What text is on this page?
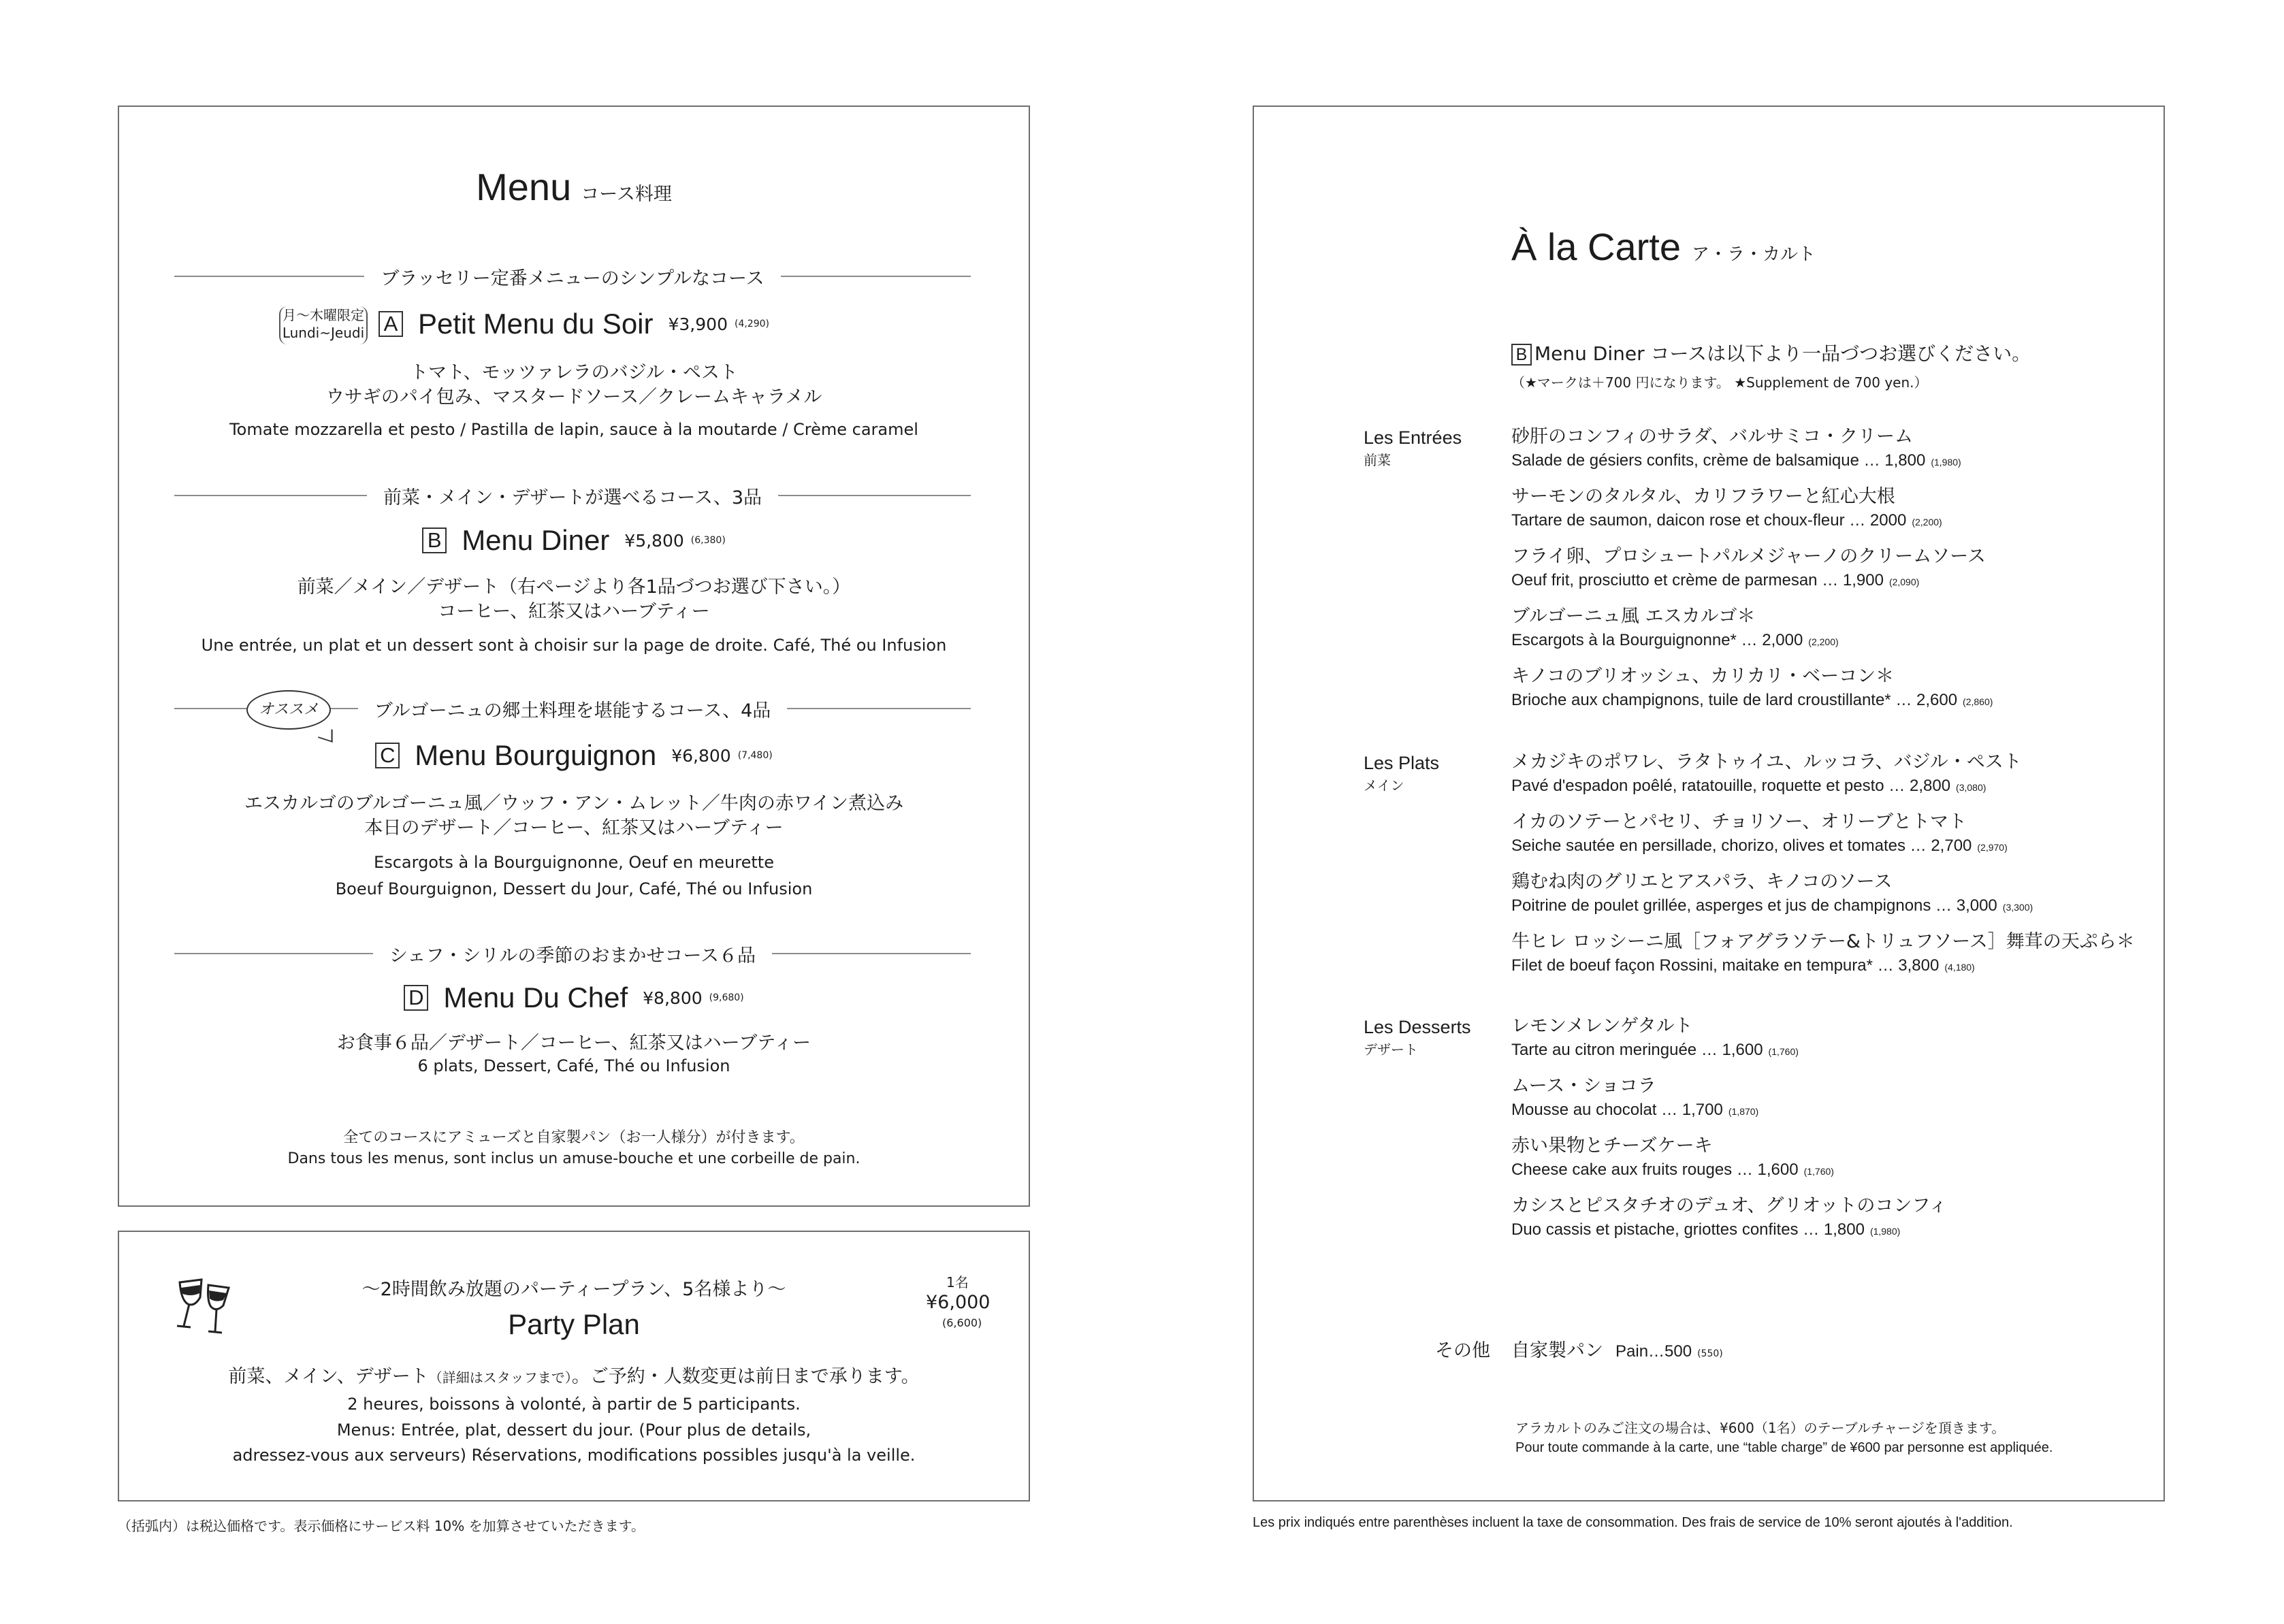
Menu コース料理
ブラッセリー定番メニューのシンプルなコース
月〜木曜限定
Lundi~Jeudi A Petit Menu du Soir ¥3,900 (4,290)
トマト、モッツァレラのバジル・ペスト
ウサギのパイ包み、マスタードソース／クレームキャラメル
Tomate mozzarella et pesto / Pastilla de lapin, sauce à la moutarde / Crème caramel
前菜・メイン・デザートが選べるコース、3品
B Menu Diner ¥5,800 (6,380)
前菜／メイン／デザート（右ページより各1品づつお選び下さい。）
コーヒー、紅茶又はハーブティー
Une entrée, un plat et un dessert sont à choisir sur la page de droite. Café, Thé ou Infusion
ブルゴーニュの郷土料理を堪能するコース、4品
オススメ
C Menu Bourguignon ¥6,800 (7,480)
エスカルゴのブルゴーニュ風／ウッフ・アン・ムレット／牛肉の赤ワイン煮込み
本日のデザート／コーヒー、紅茶又はハーブティー
Escargots à la Bourguignonne, Oeuf en meurette
Boeuf Bourguignon, Dessert du Jour, Café, Thé ou Infusion
シェフ・シリルの季節のおまかせコース６品
D Menu Du Chef ¥8,800 (9,680)
お食事６品／デザート／コーヒー、紅茶又はハーブティー
6 plats, Dessert, Café, Thé ou Infusion
全てのコースにアミューズと自家製パン（お一人様分）が付きます。
Dans tous les menus, sont inclus un amuse-bouche et une corbeille de pain.
〜2時間飲み放題のパーティープラン、5名様より〜
Party Plan
1名
¥6,000
(6,600)
前菜、メイン、デザート（詳細はスタッフまで）。ご予約・人数変更は前日まで承ります。
2 heures, boissons à volonté, à partir de 5 participants.
Menus: Entrée, plat, dessert du jour. (Pour plus de details,
adressez-vous aux serveurs) Réservations, modifications possibles jusqu'à la veille.
（括弧内）は税込価格です。表示価格にサービス料 10% を加算させていただきます。
À la Carte ア・ラ・カルト
B Menu Diner コースは以下より一品づつお選びください。
（★マークは＋700 円になります。 ★Supplement de 700 yen.）
Les Entrées
前菜
砂肝のコンフィのサラダ、バルサミコ・クリーム
Salade de gésiers confits, crème de balsamique … 1,800 (1,980)
サーモンのタルタル、カリフラワーと紅心大根
Tartare de saumon, daicon rose et choux-fleur … 2000 (2,200)
フライ卵、プロシュートパルメジャーノのクリームソース
Oeuf frit, prosciutto et crème de parmesan … 1,900 (2,090)
ブルゴーニュ風 エスカルゴ＊
Escargots à la Bourguignonne* … 2,000 (2,200)
キノコのブリオッシュ、カリカリ・ベーコン＊
Brioche aux champignons, tuile de lard croustillante* … 2,600 (2,860)
Les Plats
メイン
メカジキのポワレ、ラタトゥイユ、ルッコラ、バジル・ペスト
Pavé d'espadon poêlé, ratatouille, roquette et pesto … 2,800 (3,080)
イカのソテーとパセリ、チョリソー、オリーブとトマト
Seiche sautée en persillade, chorizo, olives et tomates … 2,700 (2,970)
鶏むね肉のグリエとアスパラ、キノコのソース
Poitrine de poulet grillée, asperges et jus de champignons … 3,000 (3,300)
牛ヒレ ロッシーニ風［フォアグラソテー&トリュフソース］舞茸の天ぷら＊
Filet de boeuf façon Rossini, maitake en tempura* … 3,800 (4,180)
Les Desserts
デザート
レモンメレンゲタルト
Tarte au citron meringuée … 1,600 (1,760)
ムース・ショコラ
Mousse au chocolat … 1,700 (1,870)
赤い果物とチーズケーキ
Cheese cake aux fruits rouges … 1,600 (1,760)
カシスとピスタチオのデュオ、グリオットのコンフィ
Duo cassis et pistache, griottes confites … 1,800 (1,980)
その他 自家製パン Pain…500 (550)
アラカルトのみご注文の場合は、¥600（1名）のテーブルチャージを頂きます。
Pour toute commande à la carte, une “table charge” de ¥600 par personne est appliquée.
Les prix indiqués entre parenthèses incluent la taxe de consommation. Des frais de service de 10% seront ajoutés à l'addition.
